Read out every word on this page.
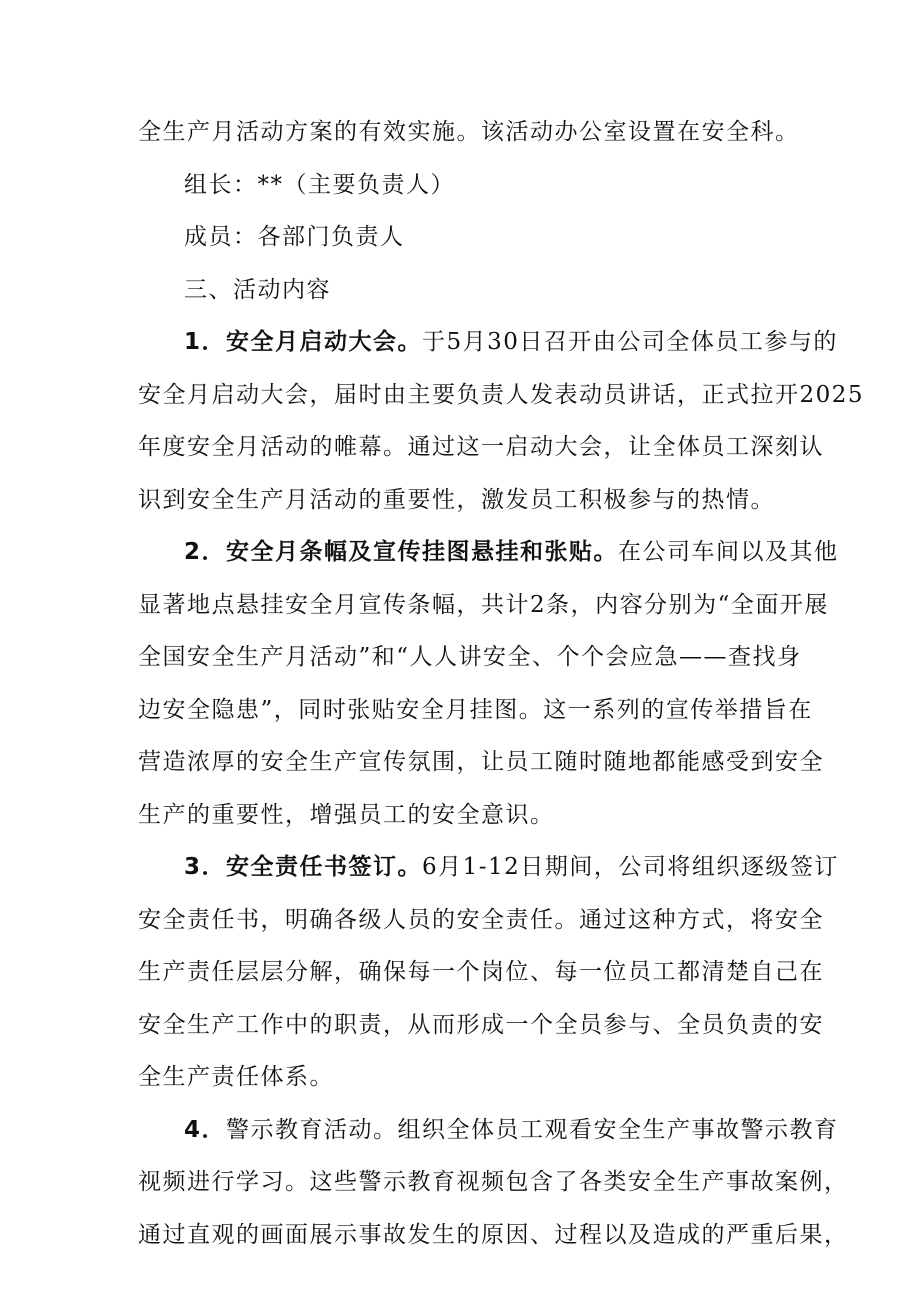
全生产月活动方案的有效实施。该活动办公室设置在安全科。
组长：**（主要负责人）
成员：各部门负责人
三、活动内容
1．安全月启动大会。于5月30日召开由公司全体员工参与的
安全月启动大会，届时由主要负责人发表动员讲话，正式拉开2025
年度安全月活动的帷幕。通过这一启动大会，让全体员工深刻认
识到安全生产月活动的重要性，激发员工积极参与的热情。
2．安全月条幅及宣传挂图悬挂和张贴。在公司车间以及其他
显著地点悬挂安全月宣传条幅，共计2条，内容分别为“全面开展
全国安全生产月活动”和“人人讲安全、个个会应急——查找身
边安全隐患”，同时张贴安全月挂图。这一系列的宣传举措旨在
营造浓厚的安全生产宣传氛围，让员工随时随地都能感受到安全
生产的重要性，增强员工的安全意识。
3．安全责任书签订。6月1-12日期间，公司将组织逐级签订
安全责任书，明确各级人员的安全责任。通过这种方式，将安全
生产责任层层分解，确保每一个岗位、每一位员工都清楚自己在
安全生产工作中的职责，从而形成一个全员参与、全员负责的安
全生产责任体系。
4．警示教育活动。组织全体员工观看安全生产事故警示教育
视频进行学习。这些警示教育视频包含了各类安全生产事故案例，
通过直观的画面展示事故发生的原因、过程以及造成的严重后果，
